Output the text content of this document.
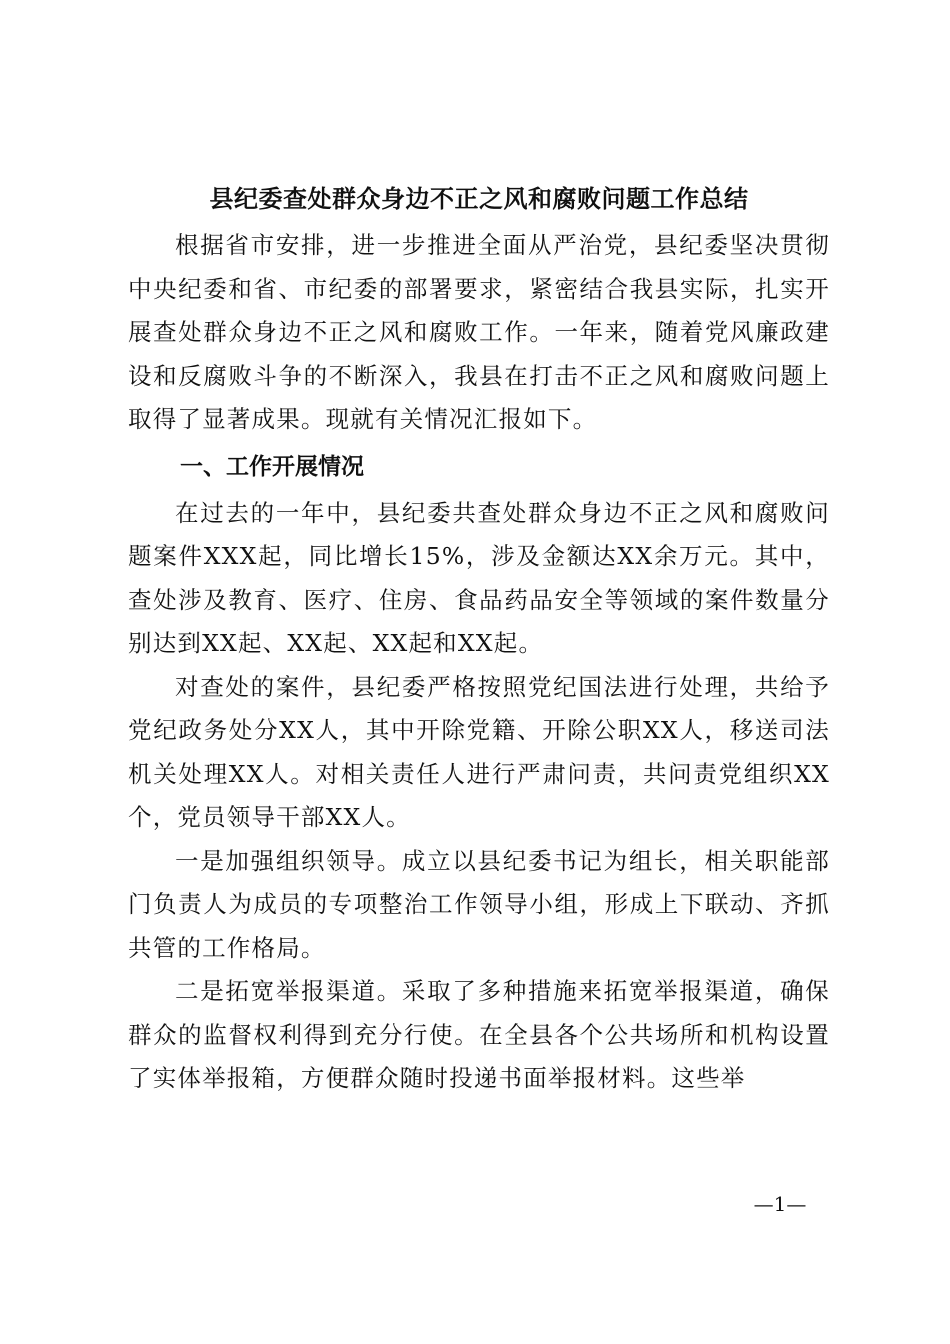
县纪委查处群众身边不正之风和腐败问题工作总结

根据省市安排，进一步推进全面从严治党，县纪委坚决贯彻中央纪委和省、市纪委的部署要求，紧密结合我县实际，扎实开展查处群众身边不正之风和腐败工作。一年来，随着党风廉政建设和反腐败斗争的不断深入，我县在打击不正之风和腐败问题上取得了显著成果。现就有关情况汇报如下。

一、工作开展情况

在过去的一年中，县纪委共查处群众身边不正之风和腐败问题案件XXX起，同比增长15%，涉及金额达XX余万元。其中，查处涉及教育、医疗、住房、食品药品安全等领域的案件数量分别达到XX起、XX起、XX起和XX起。

对查处的案件，县纪委严格按照党纪国法进行处理，共给予党纪政务处分XX人，其中开除党籍、开除公职XX人，移送司法机关处理XX人。对相关责任人进行严肃问责，共问责党组织XX个，党员领导干部XX人。

一是加强组织领导。成立以县纪委书记为组长，相关职能部门负责人为成员的专项整治工作领导小组，形成上下联动、齐抓共管的工作格局。

二是拓宽举报渠道。采取了多种措施来拓宽举报渠道，确保群众的监督权利得到充分行使。在全县各个公共场所和机构设置了实体举报箱，方便群众随时投递书面举报材料。这些举

—1—
